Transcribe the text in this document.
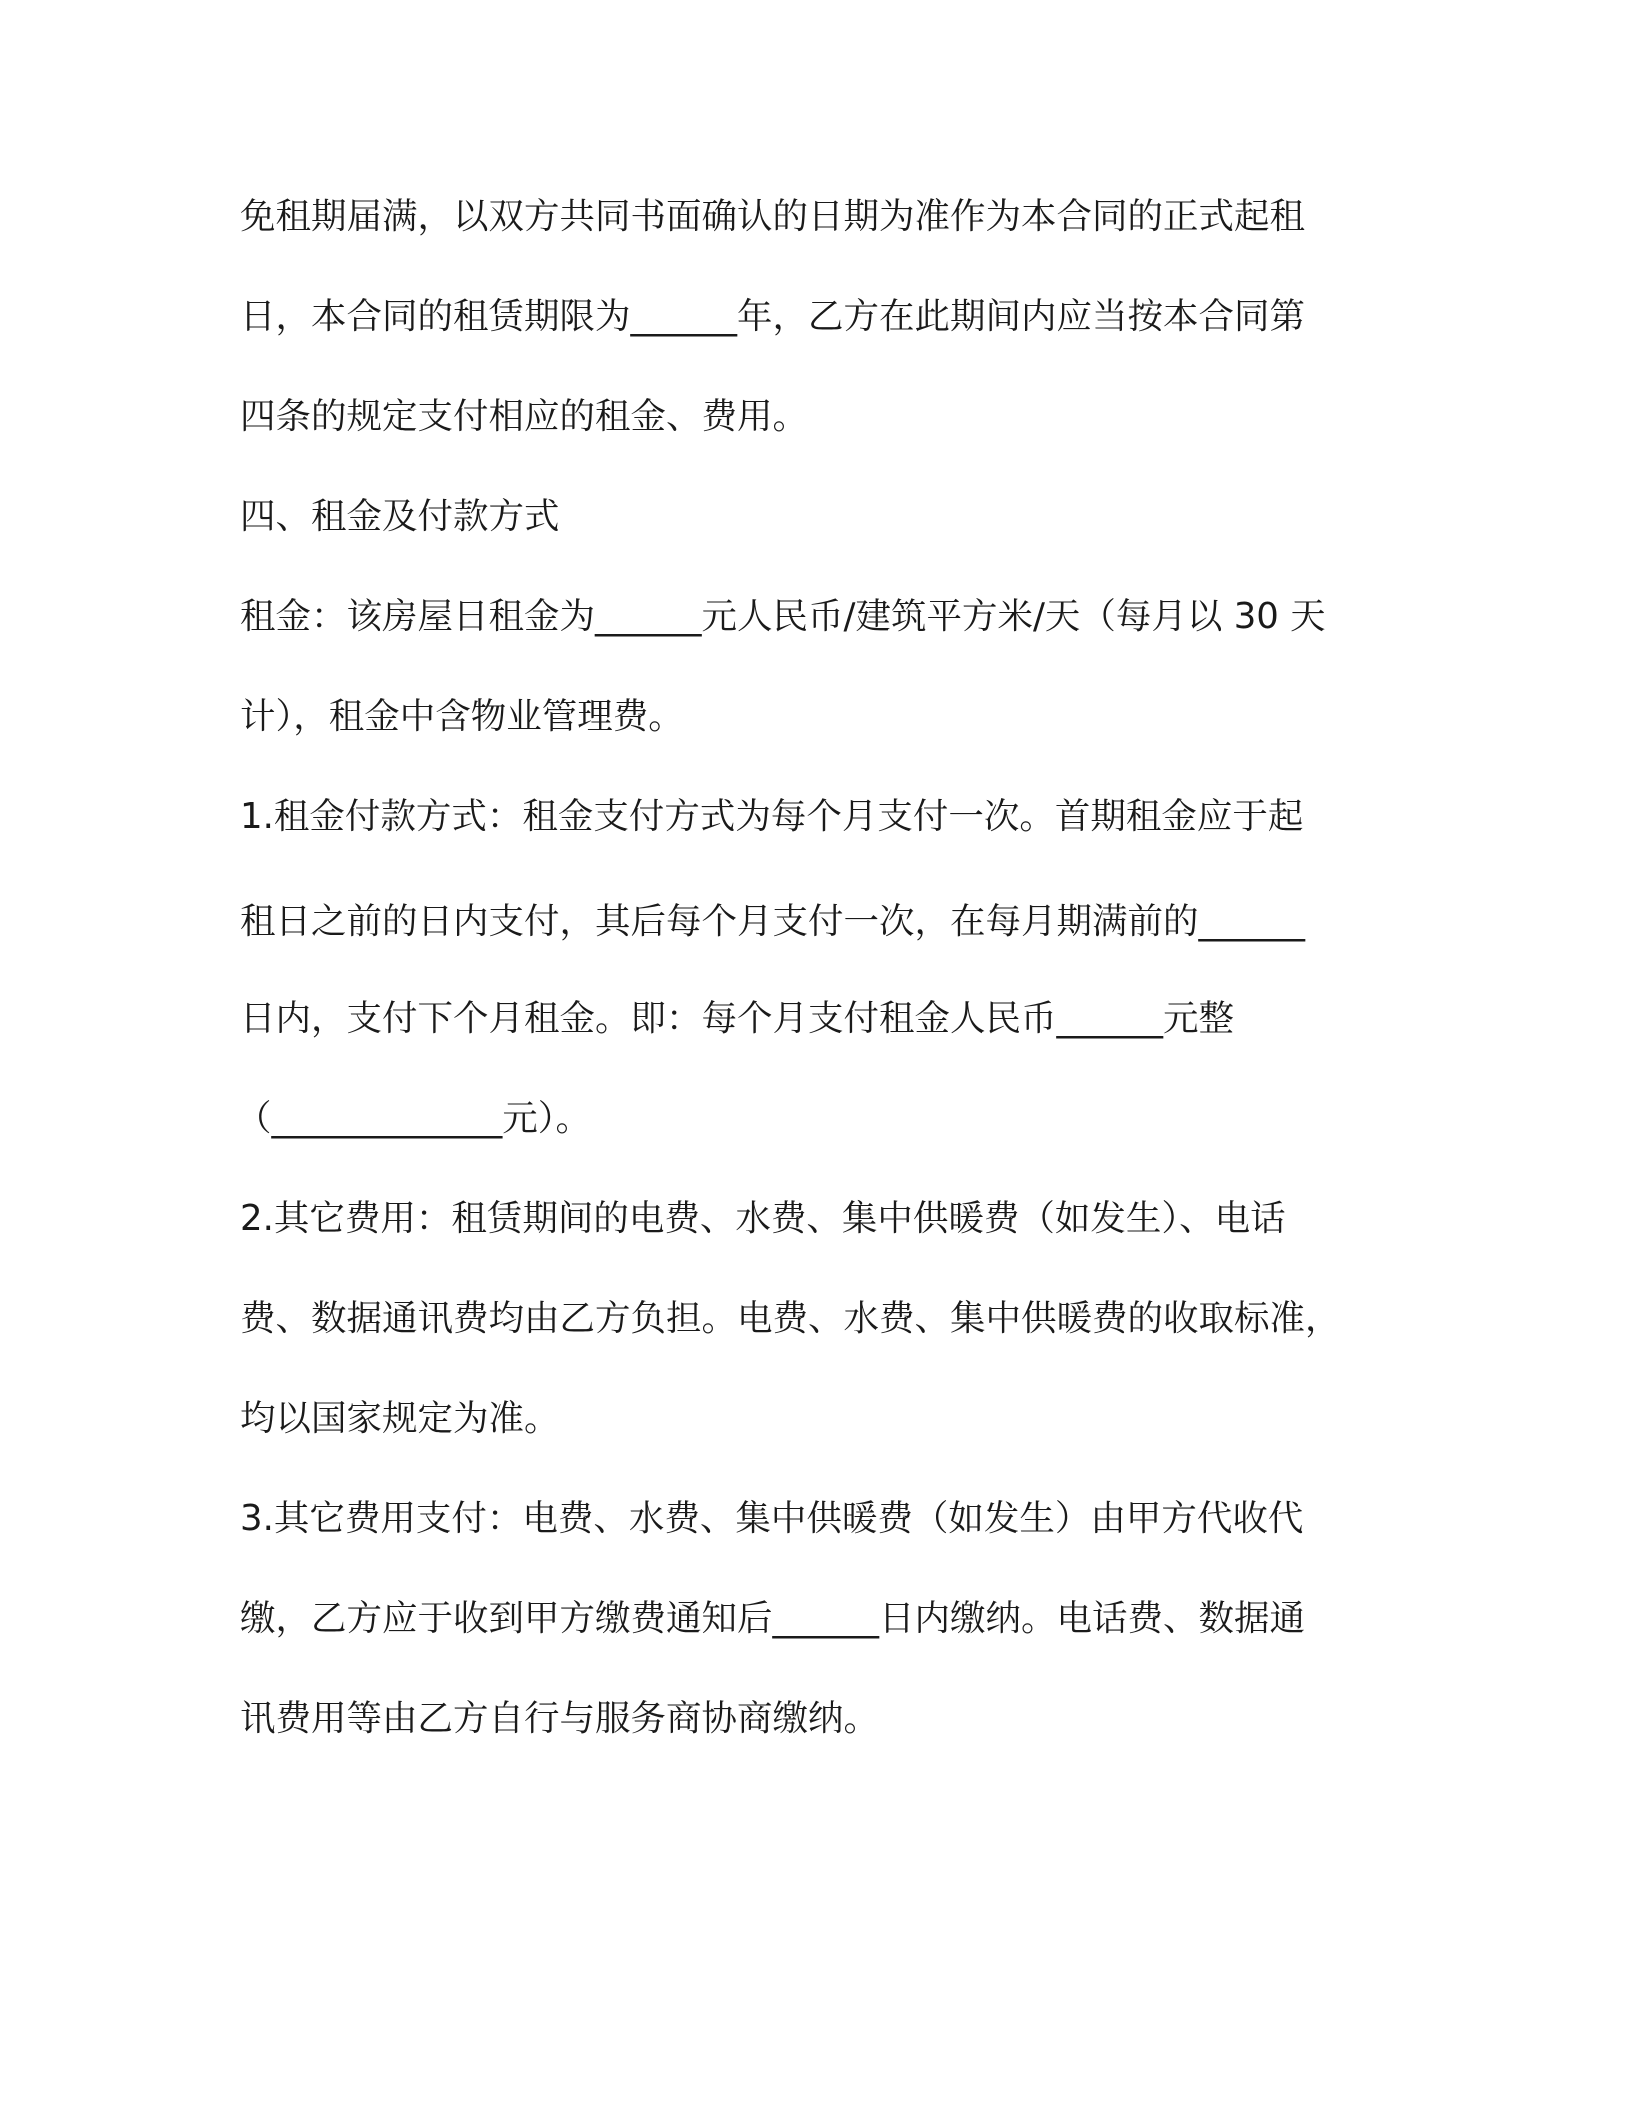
免租期届满，以双方共同书面确认的日期为准作为本合同的正式起租
日，本合同的租赁期限为______年，乙方在此期间内应当按本合同第
四条的规定支付相应的租金、费用。
四、租金及付款方式
租金：该房屋日租金为______元人民币/建筑平方米/天（每月以 30 天
计），租金中含物业管理费。
1.租金付款方式：租金支付方式为每个月支付一次。首期租金应于起
租日之前的日内支付，其后每个月支付一次，在每月期满前的______
日内，支付下个月租金。即：每个月支付租金人民币______元整
（_____________元）。
2.其它费用：租赁期间的电费、水费、集中供暖费（如发生）、电话
费、数据通讯费均由乙方负担。电费、水费、集中供暖费的收取标准，
均以国家规定为准。
3.其它费用支付：电费、水费、集中供暖费（如发生）由甲方代收代
缴，乙方应于收到甲方缴费通知后______日内缴纳。电话费、数据通
讯费用等由乙方自行与服务商协商缴纳。
